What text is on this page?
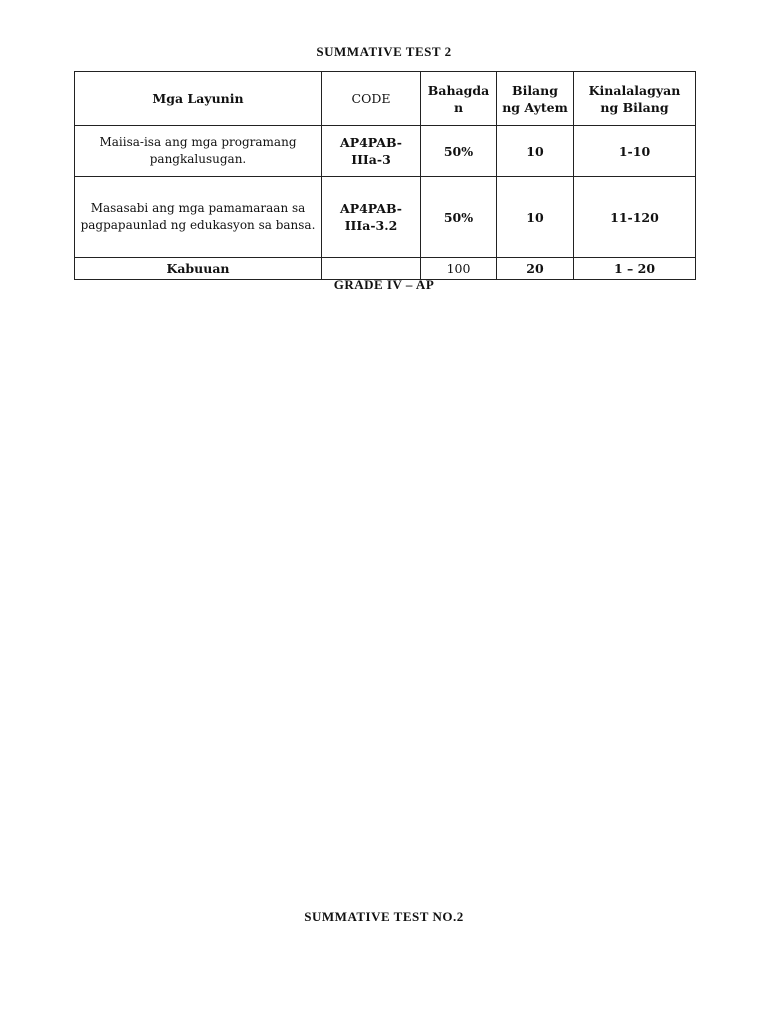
SUMMATIVE TEST 2
Mga Layunin	CODE	Bahagda n	Bilang ng Aytem	Kinalalagyan ng Bilang
Maiisa-isa ang mga programang pangkalusugan.	AP4PAB-IIIa-3	50%	10	1-10
Masasabi ang mga pamamaraan sa pagpapaunlad ng edukasyon sa bansa.	AP4PAB-IIIa-3.2	50%	10	11-120
Kabuuan		100	20	1 – 20
GRADE IV – AP
SUMMATIVE TEST NO.2
